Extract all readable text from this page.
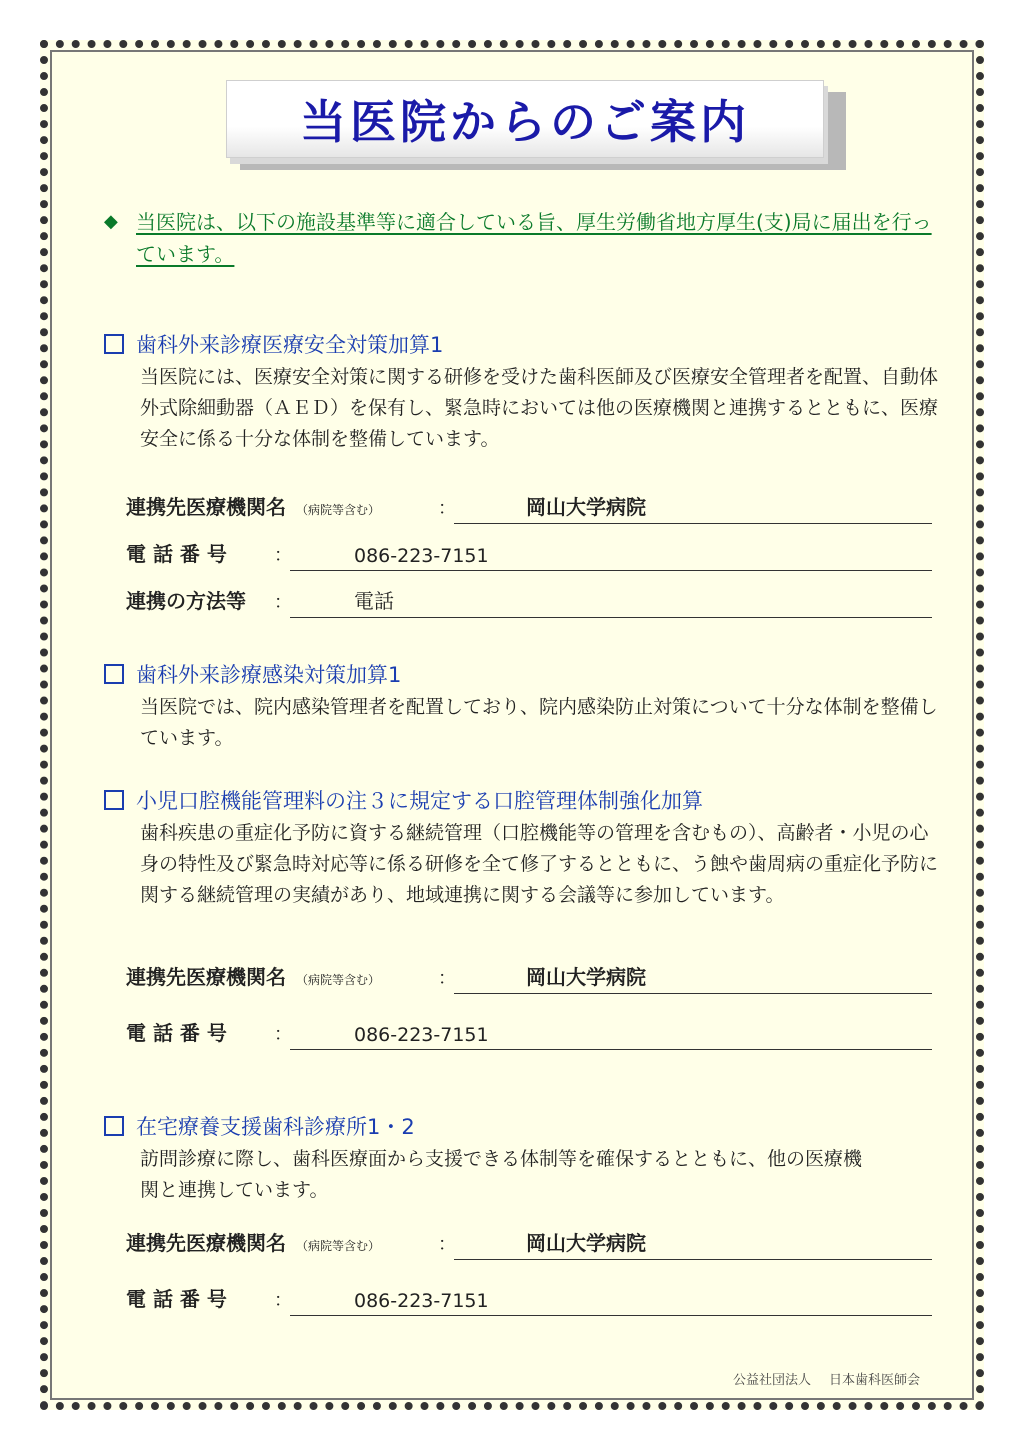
当医院からのご案内
◆ 当医院は、以下の施設基準等に適合している旨、厚生労働省地方厚生(支)局に届出を行っています。
歯科外来診療医療安全対策加算1
当医院には、医療安全対策に関する研修を受けた歯科医師及び医療安全管理者を配置、自動体外式除細動器（ＡＥＤ）を保有し、緊急時においては他の医療機関と連携するとともに、医療安全に係る十分な体制を整備しています。
連携先医療機関名 （病院等含む）	：	岡山大学病院
電 話 番 号	：	086-223-7151
連携の方法等 ：	電話
歯科外来診療感染対策加算1
当医院では、院内感染管理者を配置しており、院内感染防止対策について十分な体制を整備しています。
小児口腔機能管理料の注３に規定する口腔管理体制強化加算
歯科疾患の重症化予防に資する継続管理（口腔機能等の管理を含むもの）、高齢者・小児の心身の特性及び緊急時対応等に係る研修を全て修了するとともに、う蝕や歯周病の重症化予防に関する継続管理の実績があり、地域連携に関する会議等に参加しています。
連携先医療機関名 （病院等含む）	：	岡山大学病院
電 話 番 号	：	086-223-7151
在宅療養支援歯科診療所1・2
訪問診療に際し、歯科医療面から支援できる体制等を確保するとともに、他の医療機関と連携しています。
連携先医療機関名 （病院等含む）	：	岡山大学病院
電 話 番 号	：	086-223-7151
公益社団法人 日本歯科医師会
